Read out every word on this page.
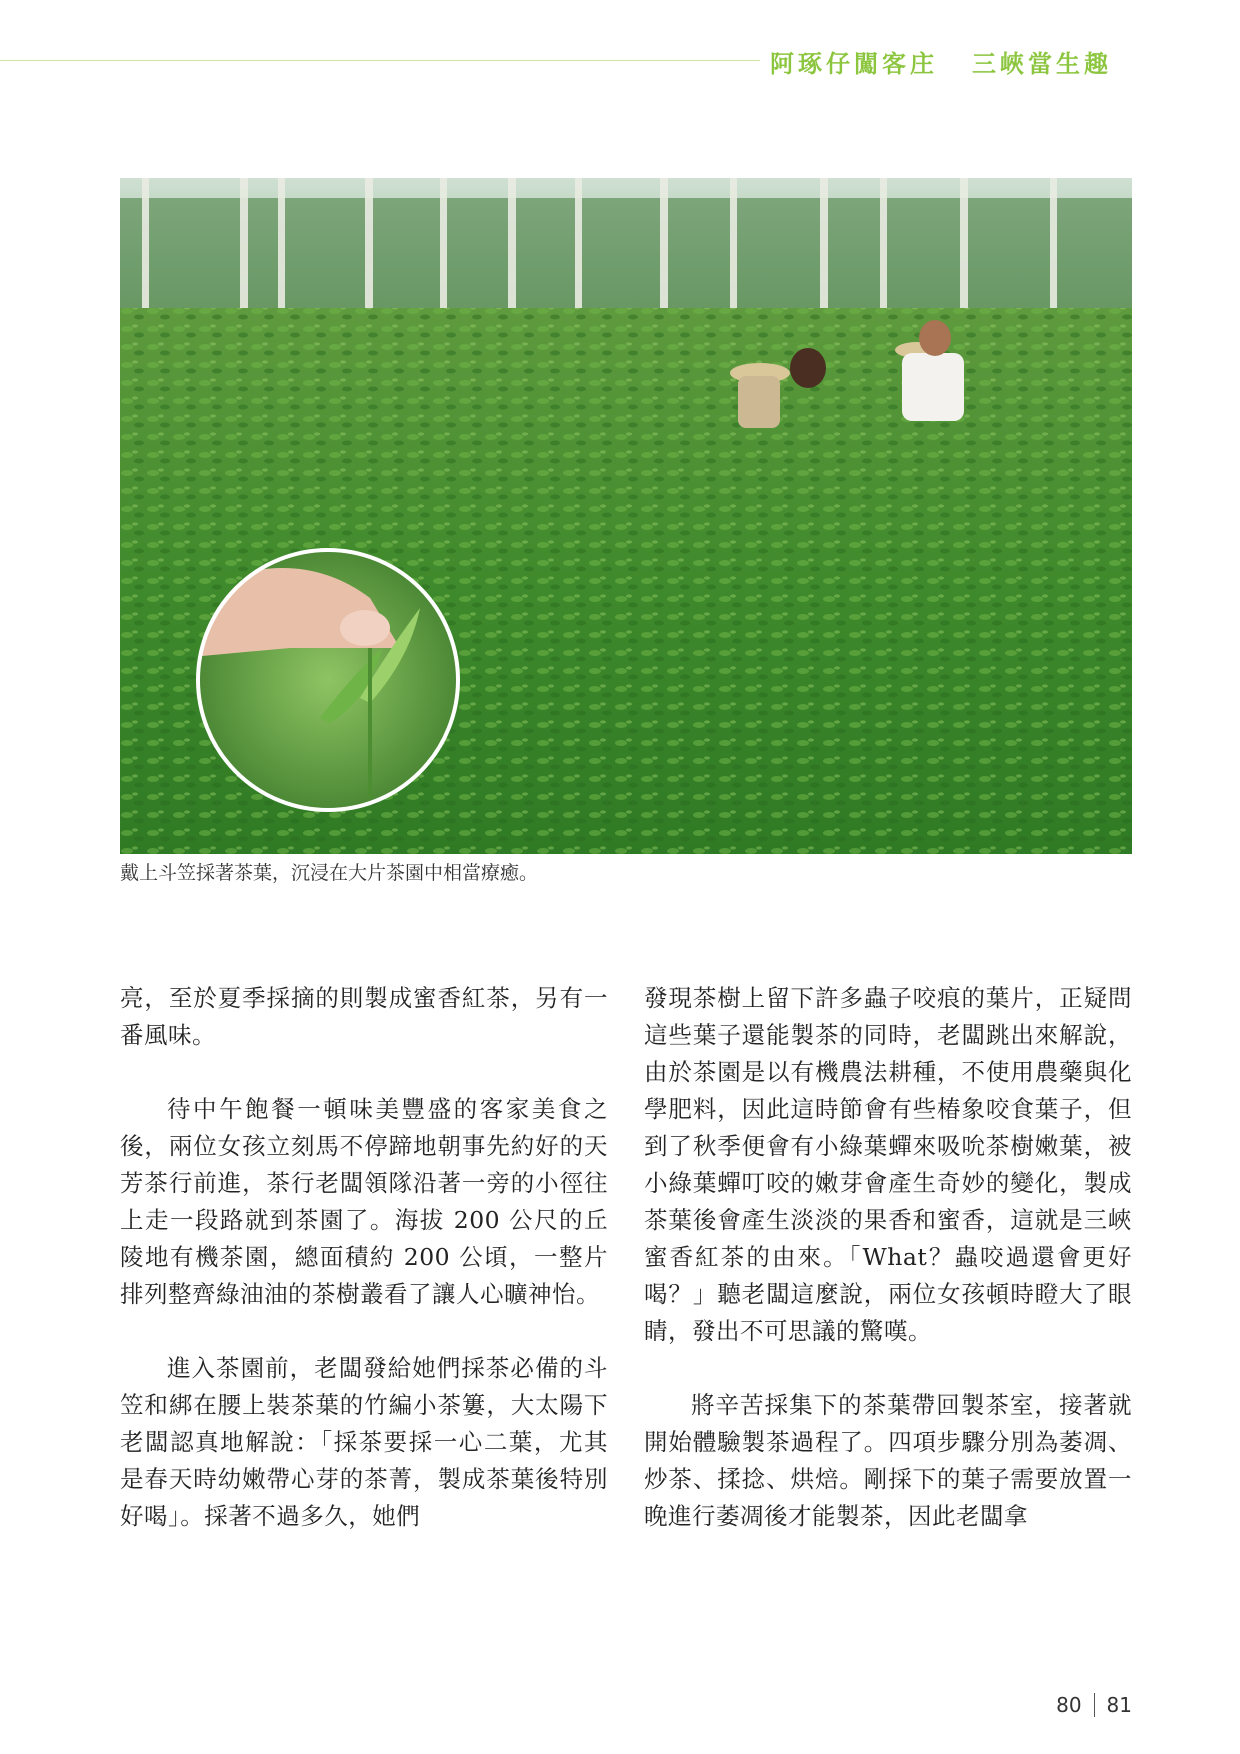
阿琢仔闖客庄 三峽當生趣
戴上斗笠採著茶葉，沉浸在大片茶園中相當療癒。

亮，至於夏季採摘的則製成蜜香紅茶，另有一番風味。

待中午飽餐一頓味美豐盛的客家美食之後，兩位女孩立刻馬不停蹄地朝事先約好的天芳茶行前進，茶行老闆領隊沿著一旁的小徑往上走一段路就到茶園了。海拔 200 公尺的丘陵地有機茶園，總面積約 200 公頃，一整片排列整齊綠油油的茶樹叢看了讓人心曠神怡。

進入茶園前，老闆發給她們採茶必備的斗笠和綁在腰上裝茶葉的竹編小茶簍，大太陽下老闆認真地解說：「採茶要採一心二葉，尤其是春天時幼嫩帶心芽的茶菁，製成茶葉後特別好喝」。採著不過多久，她們

發現茶樹上留下許多蟲子咬痕的葉片，正疑問這些葉子還能製茶的同時，老闆跳出來解說，由於茶園是以有機農法耕種，不使用農藥與化學肥料，因此這時節會有些椿象咬食葉子，但到了秋季便會有小綠葉蟬來吸吮茶樹嫩葉，被小綠葉蟬叮咬的嫩芽會產生奇妙的變化，製成茶葉後會產生淡淡的果香和蜜香，這就是三峽蜜香紅茶的由來。「What？蟲咬過還會更好喝？」聽老闆這麼說，兩位女孩頓時瞪大了眼睛，發出不可思議的驚嘆。

將辛苦採集下的茶葉帶回製茶室，接著就開始體驗製茶過程了。四項步驟分別為萎凋、炒茶、揉捻、烘焙。剛採下的葉子需要放置一晚進行萎凋後才能製茶，因此老闆拿

80 81
